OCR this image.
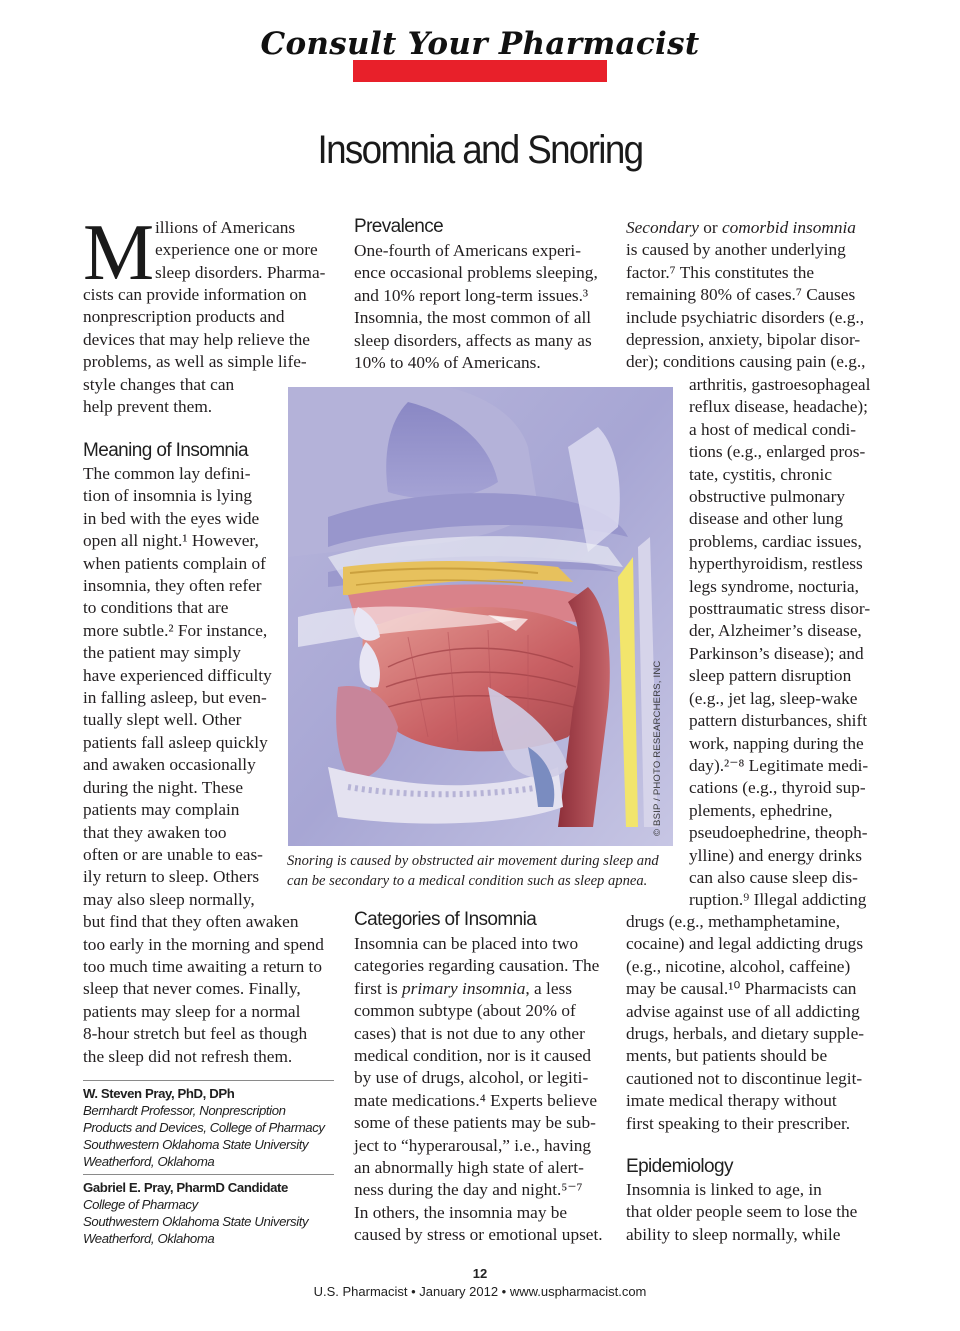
Consult Your Pharmacist
Insomnia and Snoring
M illions of Americans
experience one or more
sleep disorders. Pharma-
cists can provide information on
nonprescription products and
devices that may help relieve the
problems, as well as simple life-
style changes that can
help prevent them.
Meaning of Insomnia
The common lay defini-
tion of insomnia is lying
in bed with the eyes wide
open all night.¹ However,
when patients complain of
insomnia, they often refer
to conditions that are
more subtle.² For instance,
the patient may simply
have experienced difficulty
in falling asleep, but even-
tually slept well. Other
patients fall asleep quickly
and awaken occasionally
during the night. These
patients may complain
that they awaken too
often or are unable to eas-
ily return to sleep. Others
may also sleep normally,
but find that they often awaken
too early in the morning and spend
too much time awaiting a return to
sleep that never comes. Finally,
patients may sleep for a normal
8-hour stretch but feel as though
the sleep did not refresh them.
W. Steven Pray, PhD, DPh
Bernhardt Professor, Nonprescription
Products and Devices, College of Pharmacy
Southwestern Oklahoma State University
Weatherford, Oklahoma
Gabriel E. Pray, PharmD Candidate
College of Pharmacy
Southwestern Oklahoma State University
Weatherford, Oklahoma
Prevalence
One-fourth of Americans experi-
ence occasional problems sleeping,
and 10% report long-term issues.³
Insomnia, the most common of all
sleep disorders, affects as many as
10% to 40% of Americans.
© BSIP / PHOTO RESEARCHERS, INC
Snoring is caused by obstructed air movement during sleep and
can be secondary to a medical condition such as sleep apnea.
Categories of Insomnia
Insomnia can be placed into two
categories regarding causation. The
first is primary insomnia, a less
common subtype (about 20% of
cases) that is not due to any other
medical condition, nor is it caused
by use of drugs, alcohol, or legiti-
mate medications.⁴ Experts believe
some of these patients may be sub-
ject to “hyperarousal,” i.e., having
an abnormally high state of alert-
ness during the day and night.⁵⁻⁷
In others, the insomnia may be
caused by stress or emotional upset.
Secondary or comorbid insomnia
is caused by another underlying
factor.⁷ This constitutes the
remaining 80% of cases.⁷ Causes
include psychiatric disorders (e.g.,
depression, anxiety, bipolar disor-
der); conditions causing pain (e.g.,
arthritis, gastroesophageal
reflux disease, headache);
a host of medical condi-
tions (e.g., enlarged pros-
tate, cystitis, chronic
obstructive pulmonary
disease and other lung
problems, cardiac issues,
hyperthyroidism, restless
legs syndrome, nocturia,
posttraumatic stress disor-
der, Alzheimer’s disease,
Parkinson’s disease); and
sleep pattern disruption
(e.g., jet lag, sleep-wake
pattern disturbances, shift
work, napping during the
day).²⁻⁸ Legitimate medi-
cations (e.g., thyroid sup-
plements, ephedrine,
pseudoephedrine, theoph-
ylline) and energy drinks
can also cause sleep dis-
ruption.⁹ Illegal addicting
drugs (e.g., methamphetamine,
cocaine) and legal addicting drugs
(e.g., nicotine, alcohol, caffeine)
may be causal.¹⁰ Pharmacists can
advise against use of all addicting
drugs, herbals, and dietary supple-
ments, but patients should be
cautioned not to discontinue legit-
imate medical therapy without
first speaking to their prescriber.
Epidemiology
Insomnia is linked to age, in
that older people seem to lose the
ability to sleep normally, while
12
U.S. Pharmacist • January 2012 • www.uspharmacist.com
